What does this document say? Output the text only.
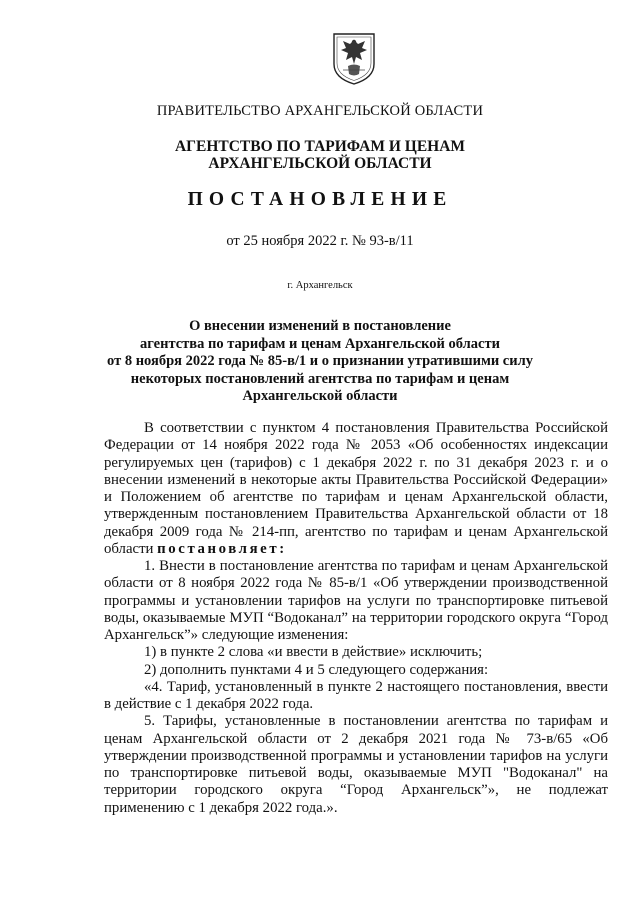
ПРАВИТЕЛЬСТВО АРХАНГЕЛЬСКОЙ ОБЛАСТИ
АГЕНТСТВО ПО ТАРИФАМ И ЦЕНАМ
АРХАНГЕЛЬСКОЙ ОБЛАСТИ
ПОСТАНОВЛЕНИЕ
от 25 ноября 2022 г. № 93-в/11
г. Архангельск
О внесении изменений в постановление
агентства по тарифам и ценам Архангельской области
от 8 ноября 2022 года № 85-в/1 и о признании утратившими силу
некоторых постановлений агентства по тарифам и ценам
Архангельской области

В соответствии с пунктом 4 постановления Правительства Российской Федерации от 14 ноября 2022 года № 2053 «Об особенностях индексации регулируемых цен (тарифов) с 1 декабря 2022 г. по 31 декабря 2023 г. и о внесении изменений в некоторые акты Правительства Российской Федерации» и Положением об агентстве по тарифам и ценам Архангельской области, утвержденным постановлением Правительства Архангельской области от 18 декабря 2009 года № 214-пп, агентство по тарифам и ценам Архангельской области постановляет:

1. Внести в постановление агентства по тарифам и ценам Архангельской области от 8 ноября 2022 года № 85-в/1 «Об утверждении производственной программы и установлении тарифов на услуги по транспортировке питьевой воды, оказываемые МУП “Водоканал” на территории городского округа “Город Архангельск”» следующие изменения:

1) в пункте 2 слова «и ввести в действие» исключить;

2) дополнить пунктами 4 и 5 следующего содержания:

«4. Тариф, установленный в пункте 2 настоящего постановления, ввести в действие с 1 декабря 2022 года.

5. Тарифы, установленные в постановлении агентства по тарифам и ценам Архангельской области от 2 декабря 2021 года № 73-в/65 «Об утверждении производственной программы и установлении тарифов на услуги по транспортировке питьевой воды, оказываемые МУП "Водоканал" на территории городского округа “Город Архангельск”», не подлежат применению с 1 декабря 2022 года.».
